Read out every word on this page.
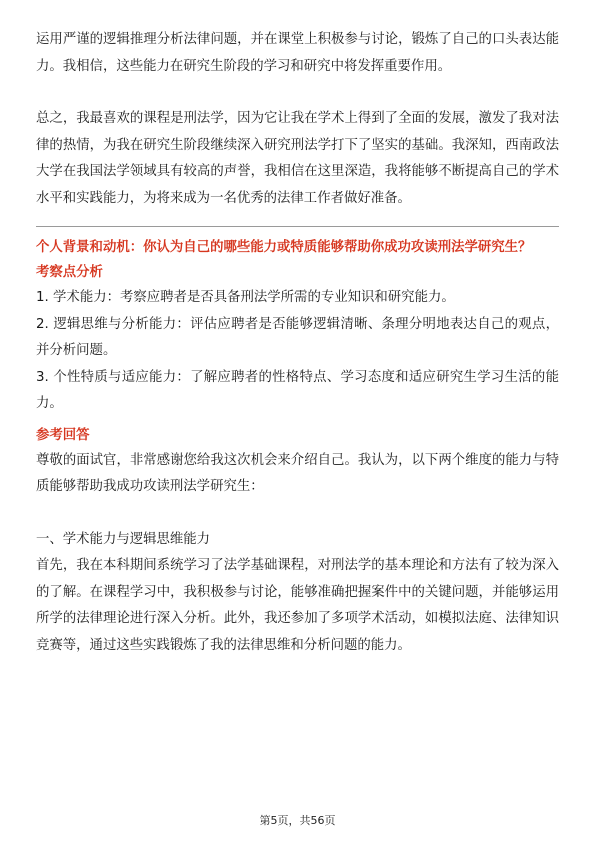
运用严谨的逻辑推理分析法律问题，并在课堂上积极参与讨论，锻炼了自己的口头表达能力。我相信，这些能力在研究生阶段的学习和研究中将发挥重要作用。

总之，我最喜欢的课程是刑法学，因为它让我在学术上得到了全面的发展，激发了我对法律的热情，为我在研究生阶段继续深入研究刑法学打下了坚实的基础。我深知，西南政法大学在我国法学领域具有较高的声誉，我相信在这里深造，我将能够不断提高自己的学术水平和实践能力，为将来成为一名优秀的法律工作者做好准备。

个人背景和动机：你认为自己的哪些能力或特质能够帮助你成功攻读刑法学研究生？

考察点分析

1. 学术能力：考察应聘者是否具备刑法学所需的专业知识和研究能力。

2. 逻辑思维与分析能力：评估应聘者是否能够逻辑清晰、条理分明地表达自己的观点，并分析问题。

3. 个性特质与适应能力：了解应聘者的性格特点、学习态度和适应研究生学习生活的能力。

参考回答

尊敬的面试官，非常感谢您给我这次机会来介绍自己。我认为，以下两个维度的能力与特质能够帮助我成功攻读刑法学研究生：

一、学术能力与逻辑思维能力

首先，我在本科期间系统学习了法学基础课程，对刑法学的基本理论和方法有了较为深入的了解。在课程学习中，我积极参与讨论，能够准确把握案件中的关键问题，并能够运用所学的法律理论进行深入分析。此外，我还参加了多项学术活动，如模拟法庭、法律知识竞赛等，通过这些实践锻炼了我的法律思维和分析问题的能力。

第5页，共56页
